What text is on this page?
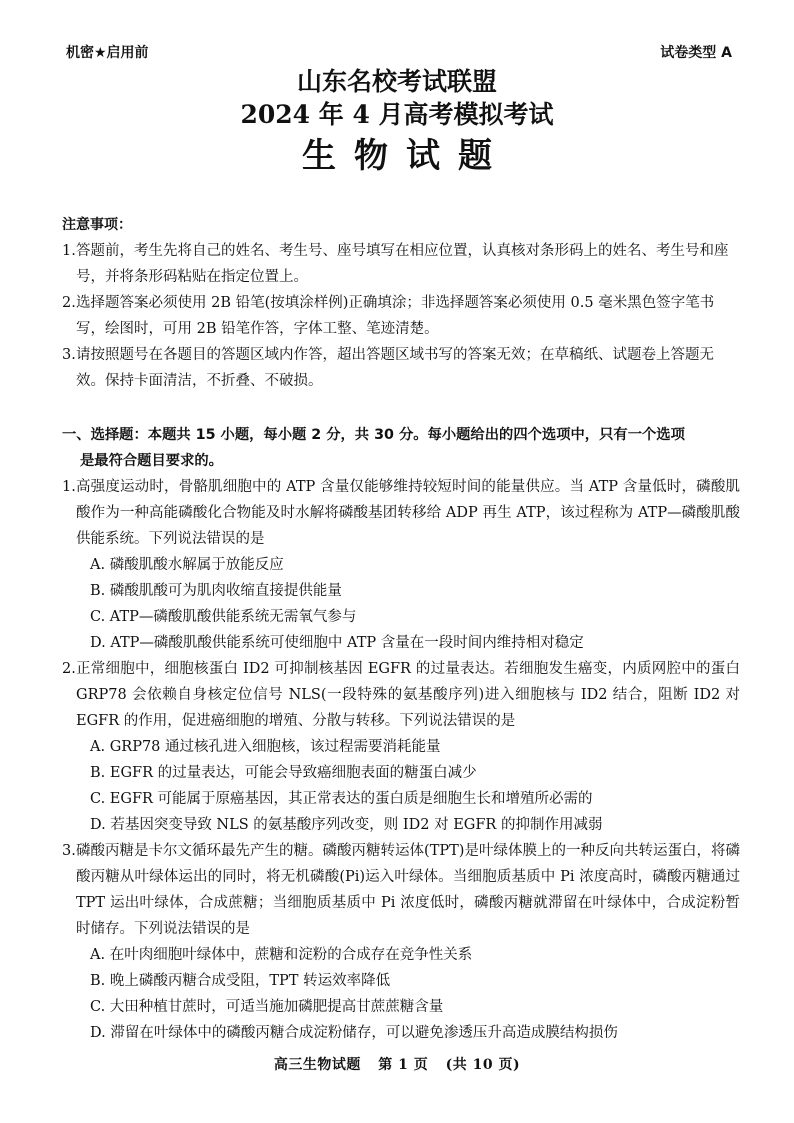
机密★启用前	试卷类型 A
山东名校考试联盟
2024 年 4 月高考模拟考试
生物试题
注意事项：
1. 答题前，考生先将自己的姓名、考生号、座号填写在相应位置，认真核对条形码上的姓名、考生号和座号，并将条形码粘贴在指定位置上。
2. 选择题答案必须使用 2B 铅笔(按填涂样例)正确填涂；非选择题答案必须使用 0.5 毫米黑色签字笔书写，绘图时，可用 2B 铅笔作答，字体工整、笔迹清楚。
3. 请按照题号在各题目的答题区域内作答，超出答题区域书写的答案无效；在草稿纸、试题卷上答题无效。保持卡面清洁，不折叠、不破损。
一、选择题：本题共 15 小题，每小题 2 分，共 30 分。每小题给出的四个选项中，只有一个选项
是最符合题目要求的。
1. 高强度运动时，骨骼肌细胞中的 ATP 含量仅能够维持较短时间的能量供应。当 ATP 含量低时，磷酸肌酸作为一种高能磷酸化合物能及时水解将磷酸基团转移给 ADP 再生 ATP，该过程称为 ATP—磷酸肌酸供能系统。下列说法错误的是
A. 磷酸肌酸水解属于放能反应
B. 磷酸肌酸可为肌肉收缩直接提供能量
C. ATP—磷酸肌酸供能系统无需氧气参与
D. ATP—磷酸肌酸供能系统可使细胞中 ATP 含量在一段时间内维持相对稳定
2. 正常细胞中，细胞核蛋白 ID2 可抑制核基因 EGFR 的过量表达。若细胞发生癌变，内质网腔中的蛋白 GRP78 会依赖自身核定位信号 NLS(一段特殊的氨基酸序列)进入细胞核与 ID2 结合，阻断 ID2 对 EGFR 的作用，促进癌细胞的增殖、分散与转移。下列说法错误的是
A. GRP78 通过核孔进入细胞核，该过程需要消耗能量
B. EGFR 的过量表达，可能会导致癌细胞表面的糖蛋白减少
C. EGFR 可能属于原癌基因，其正常表达的蛋白质是细胞生长和增殖所必需的
D. 若基因突变导致 NLS 的氨基酸序列改变，则 ID2 对 EGFR 的抑制作用减弱
3. 磷酸丙糖是卡尔文循环最先产生的糖。磷酸丙糖转运体(TPT)是叶绿体膜上的一种反向共转运蛋白，将磷酸丙糖从叶绿体运出的同时，将无机磷酸(Pi)运入叶绿体。当细胞质基质中 Pi 浓度高时，磷酸丙糖通过 TPT 运出叶绿体，合成蔗糖；当细胞质基质中 Pi 浓度低时，磷酸丙糖就滞留在叶绿体中，合成淀粉暂时储存。下列说法错误的是
A. 在叶肉细胞叶绿体中，蔗糖和淀粉的合成存在竞争性关系
B. 晚上磷酸丙糖合成受阻，TPT 转运效率降低
C. 大田种植甘蔗时，可适当施加磷肥提高甘蔗蔗糖含量
D. 滞留在叶绿体中的磷酸丙糖合成淀粉储存，可以避免渗透压升高造成膜结构损伤
高三生物试题 第 1 页 (共 10 页)
